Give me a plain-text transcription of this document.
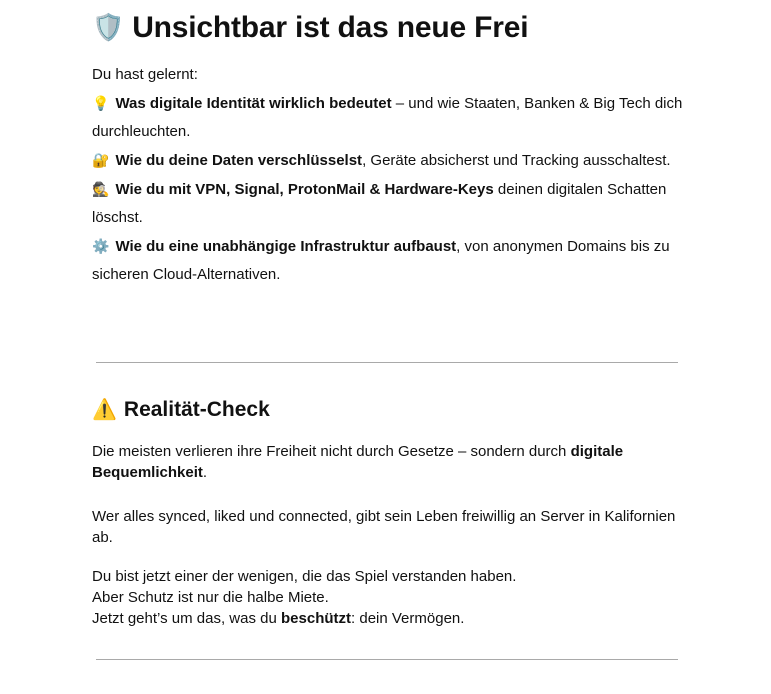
🛡️ Unsichtbar ist das neue Frei

Du hast gelernt:

💡 Was digitale Identität wirklich bedeutet – und wie Staaten, Banken & Big Tech dich durchleuchten.

🔐 Wie du deine Daten verschlüsselst, Geräte absicherst und Tracking ausschaltest.

🕵️ Wie du mit VPN, Signal, ProtonMail & Hardware-Keys deinen digitalen Schatten löschst.

⚙️ Wie du eine unabhängige Infrastruktur aufbaust, von anonymen Domains bis zu sicheren Cloud-Alternativen.

⚠️ Realität-Check

Die meisten verlieren ihre Freiheit nicht durch Gesetze – sondern durch digitale Bequemlichkeit.

Wer alles synced, liked und connected, gibt sein Leben freiwillig an Server in Kalifornien ab.

Du bist jetzt einer der wenigen, die das Spiel verstanden haben.
Aber Schutz ist nur die halbe Miete.
Jetzt geht’s um das, was du beschützt: dein Vermögen.
